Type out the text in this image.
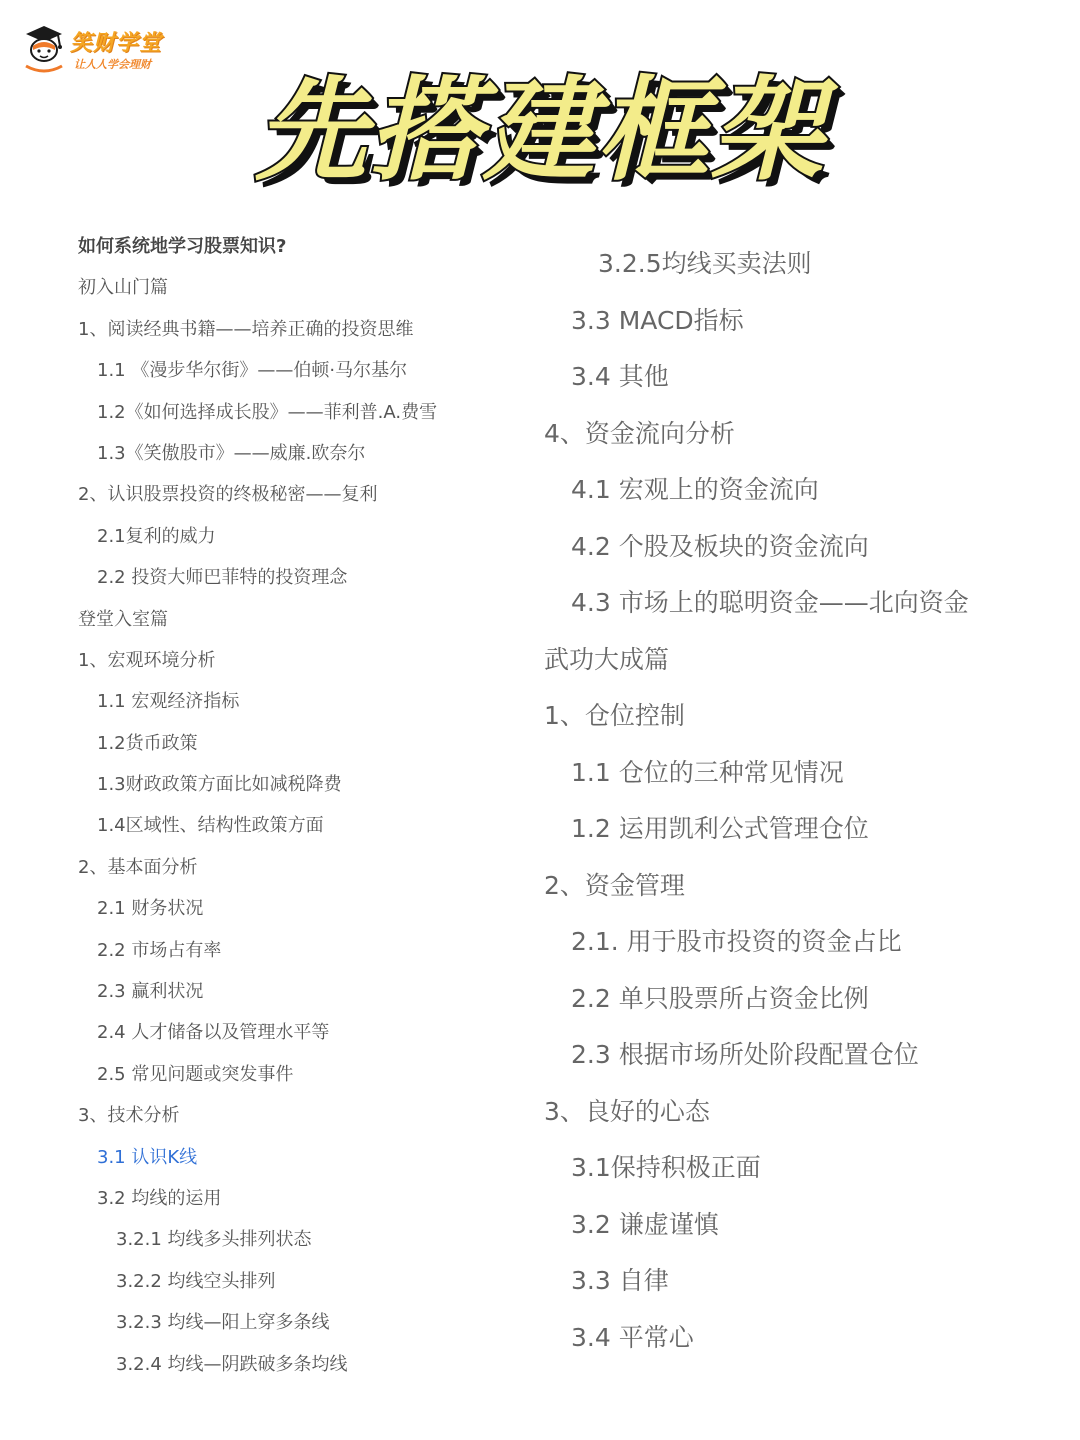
笑财学堂
让人人学会理财
先搭建框架
如何系统地学习股票知识?
初入山门篇
1、阅读经典书籍——培养正确的投资思维
1.1 《漫步华尔街》——伯顿·马尔基尔
1.2《如何选择成长股》——菲利普.A.费雪
1.3《笑傲股市》——威廉.欧奈尔
2、认识股票投资的终极秘密——复利
2.1复利的威力
2.2 投资大师巴菲特的投资理念
登堂入室篇
1、宏观环境分析
1.1 宏观经济指标
1.2货币政策
1.3财政政策方面比如减税降费
1.4区域性、结构性政策方面
2、基本面分析
2.1 财务状况
2.2 市场占有率
2.3 赢利状况
2.4 人才储备以及管理水平等
2.5 常见问题或突发事件
3、技术分析
3.1 认识K线
3.2 均线的运用
3.2.1 均线多头排列状态
3.2.2 均线空头排列
3.2.3 均线—阳上穿多条线
3.2.4 均线—阴跌破多条均线
3.2.5均线买卖法则
3.3 MACD指标
3.4 其他
4、资金流向分析
4.1 宏观上的资金流向
4.2 个股及板块的资金流向
4.3 市场上的聪明资金——北向资金
武功大成篇
1、仓位控制
1.1 仓位的三种常见情况
1.2 运用凯利公式管理仓位
2、资金管理
2.1. 用于股市投资的资金占比
2.2 单只股票所占资金比例
2.3 根据市场所处阶段配置仓位
3、良好的心态
3.1保持积极正面
3.2 谦虚谨慎
3.3 自律
3.4 平常心
